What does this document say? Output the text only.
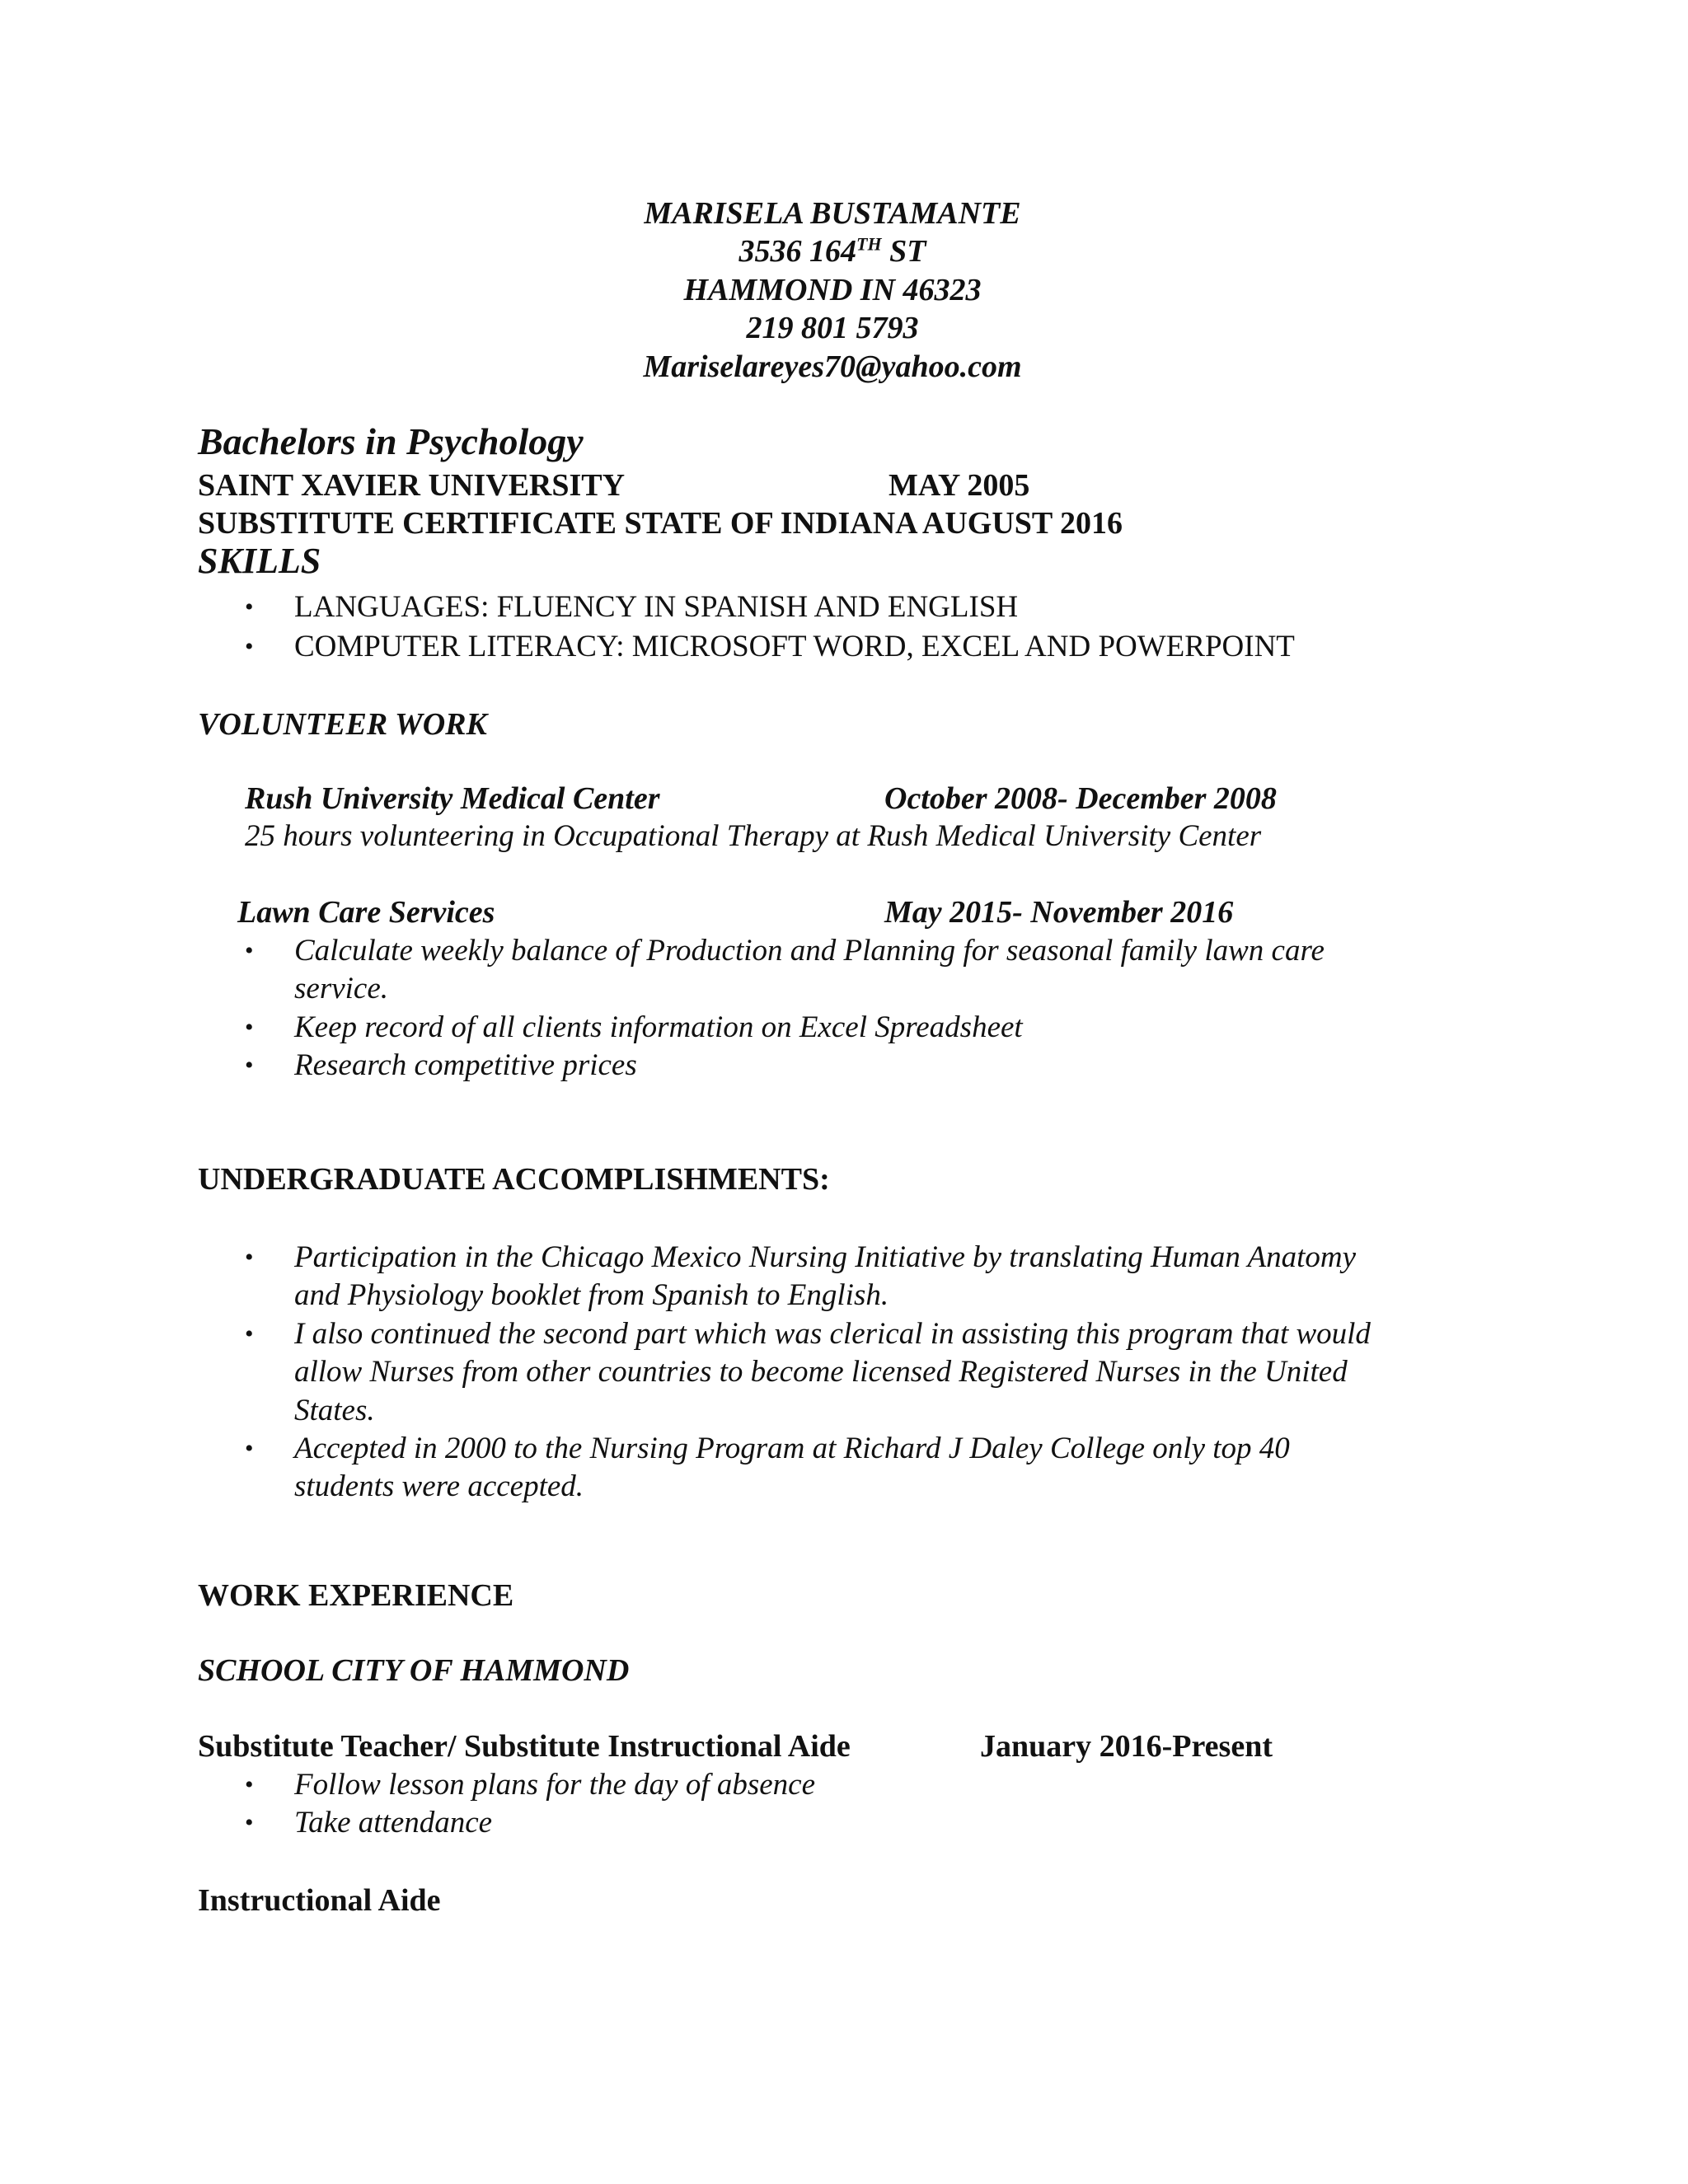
MARISELA BUSTAMANTE
3536 164TH ST
HAMMOND IN 46323
219 801 5793
Mariselareyes70@yahoo.com
Bachelors in Psychology
SAINT XAVIER UNIVERSITY	MAY 2005
SUBSTITUTE CERTIFICATE STATE OF INDIANA AUGUST 2016
SKILLS
• LANGUAGES: FLUENCY IN SPANISH AND ENGLISH
• COMPUTER LITERACY: MICROSOFT WORD, EXCEL AND POWERPOINT
VOLUNTEER WORK
Rush University Medical Center	October 2008- December 2008
25 hours volunteering in Occupational Therapy at Rush Medical University Center
Lawn Care Services	May 2015- November 2016
• Calculate weekly balance of Production and Planning for seasonal family lawn care
service.
• Keep record of all clients information on Excel Spreadsheet
• Research competitive prices
UNDERGRADUATE ACCOMPLISHMENTS:
• Participation in the Chicago Mexico Nursing Initiative by translating Human Anatomy
and Physiology booklet from Spanish to English.
• I also continued the second part which was clerical in assisting this program that would
allow Nurses from other countries to become licensed Registered Nurses in the United
States.
• Accepted in 2000 to the Nursing Program at Richard J Daley College only top 40
students were accepted.
WORK EXPERIENCE
SCHOOL CITY OF HAMMOND
Substitute Teacher/ Substitute Instructional Aide	January 2016-Present
• Follow lesson plans for the day of absence
• Take attendance
Instructional Aide
